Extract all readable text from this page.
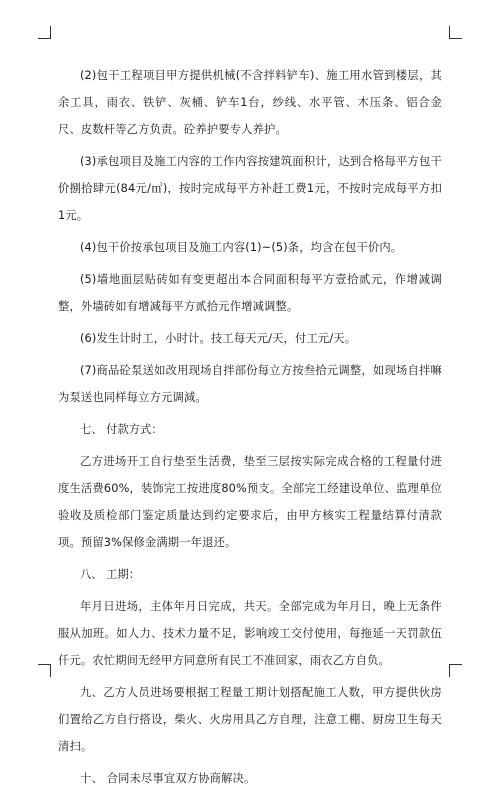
(2)包干工程项目甲方提供机械(不含拌料铲车)、施工用水管到楼层，其余工具，雨衣、铁铲、灰桶、铲车1台，纱线、水平管、木压条、铝合金尺、皮数杆等乙方负责。砼养护要专人养护。

(3)承包项目及施工内容的工作内容按建筑面积计，达到合格每平方包干价捌拾肆元(84元/㎡)，按时完成每平方补赶工费1元，不按时完成每平方扣1元。

(4)包干价按承包项目及施工内容(1)~(5)条，均含在包干价内。

(5)墙地面层贴砖如有变更超出本合同面积每平方壹拾贰元，作增减调整，外墙砖如有增减每平方贰拾元作增减调整。

(6)发生计时工，小时计。技工每天元/天，付工元/天。

(7)商品砼泵送如改用现场自拌部份每立方按叁拾元调整，如现场自拌嘛 为泵送也同样每立方元调減。

七、 付款方式：

乙方进场开工自行垫至生活费，垫至三层按实际完成合格的工程量付进度生活费60%，装饰完工按进度80%预支。全部完工经建设单位、监理单位验收及质检部门鉴定质量达到约定要求后，由甲方核实工程量结算付清款项。预留3%保修金满期一年退还。

八、 工期：

年月日进场，主体年月日完成，共天。全部完成为年月日，晚上无条件服从加班。如人力、技术力量不足，影响竣工交付使用，每拖延一天罚款伍仟元。农忙期间无经甲方同意所有民工不准回家，雨衣乙方自负。

九、乙方人员进场要根据工程量工期计划搭配施工人数，甲方提供伙房们置给乙方自行搭设，柴火、火房用具乙方自理，注意工棚、厨房卫生每天清扫。

十、 合同未尽事宜双方协商解决。
